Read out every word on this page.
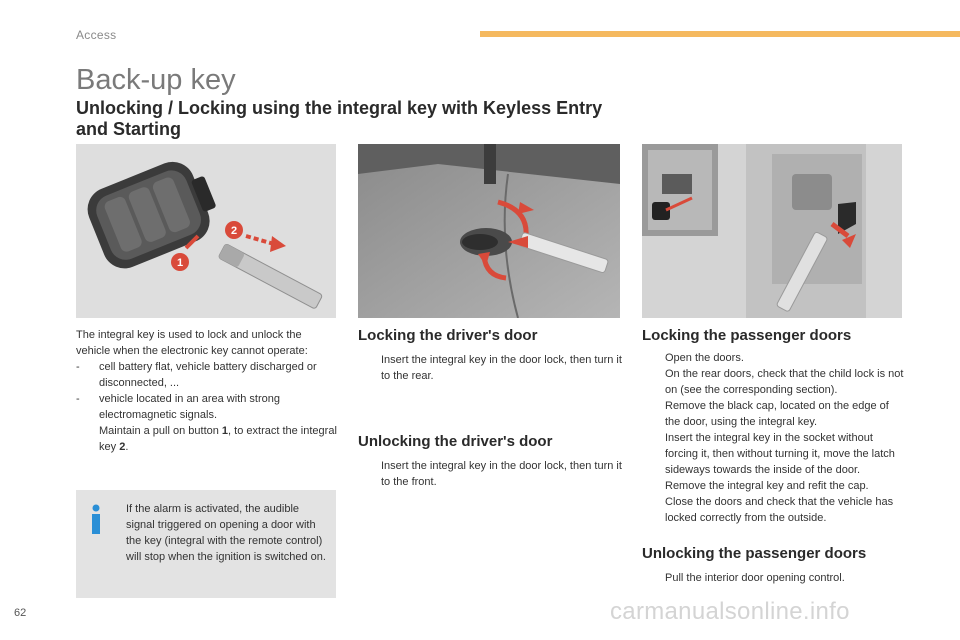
Access
Back-up key
Unlocking / Locking using the integral key with Keyless Entry and Starting
1
2

The integral key is used to lock and unlock the vehicle when the electronic key cannot operate:

- cell battery flat, vehicle battery discharged or disconnected, ...
- vehicle located in an area with strong electromagnetic signals.
Maintain a pull on button 1, to extract the integral key 2.
If the alarm is activated, the audible signal triggered on opening a door with the key (integral with the remote control) will stop when the ignition is switched on.
Locking the driver's door
Insert the integral key in the door lock, then turn it to the rear.
Unlocking the driver's door
Insert the integral key in the door lock, then turn it to the front.
Locking the passenger doors
Open the doors.
On the rear doors, check that the child lock is not on (see the corresponding section).
Remove the black cap, located on the edge of the door, using the integral key.
Insert the integral key in the socket without forcing it, then without turning it, move the latch sideways towards the inside of the door.
Remove the integral key and refit the cap.
Close the doors and check that the vehicle has locked correctly from the outside.
Unlocking the passenger doors
Pull the interior door opening control.
62	carmanualsonline.info
